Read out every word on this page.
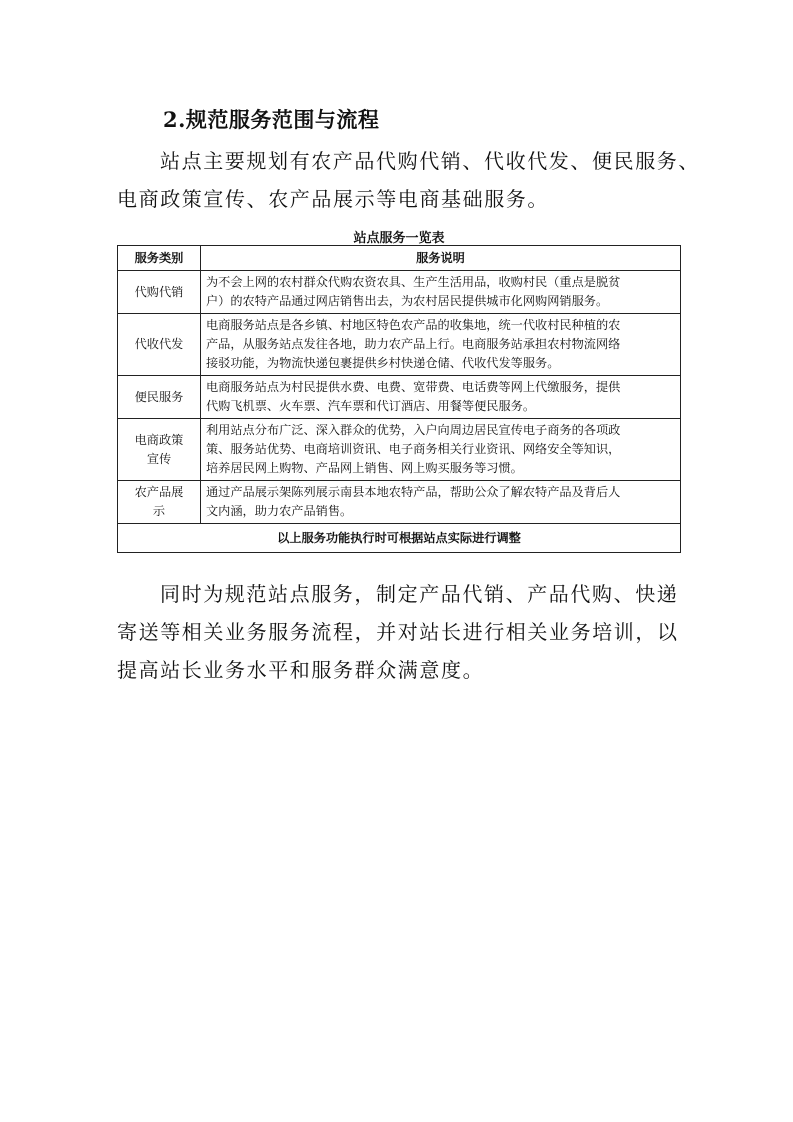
2.规范服务范围与流程

站点主要规划有农产品代购代销、代收代发、便民服务、

电商政策宣传、农产品展示等电商基础服务。

站点服务一览表
服务类别	服务说明
代购代销	为不会上网的农村群众代购农资农具、生产生活用品，收购村民（重点是脱贫
户）的农特产品通过网店销售出去，为农村居民提供城市化网购网销服务。
代收代发	电商服务站点是各乡镇、村地区特色农产品的收集地，统一代收村民种植的农
产品，从服务站点发往各地，助力农产品上行。电商服务站承担农村物流网络
接驳功能，为物流快递包裹提供乡村快递仓储、代收代发等服务。
便民服务	电商服务站点为村民提供水费、电费、宽带费、电话费等网上代缴服务，提供
代购飞机票、火车票、汽车票和代订酒店、用餐等便民服务。
电商政策
宣传	利用站点分布广泛、深入群众的优势，入户向周边居民宣传电子商务的各项政
策、服务站优势、电商培训资讯、电子商务相关行业资讯、网络安全等知识，
培养居民网上购物、产品网上销售、网上购买服务等习惯。
农产品展
示	通过产品展示架陈列展示南县本地农特产品，帮助公众了解农特产品及背后人
文内涵，助力农产品销售。
以上服务功能执行时可根据站点实际进行调整	

同时为规范站点服务，制定产品代销、产品代购、快递

寄送等相关业务服务流程，并对站长进行相关业务培训，以

提高站长业务水平和服务群众满意度。
